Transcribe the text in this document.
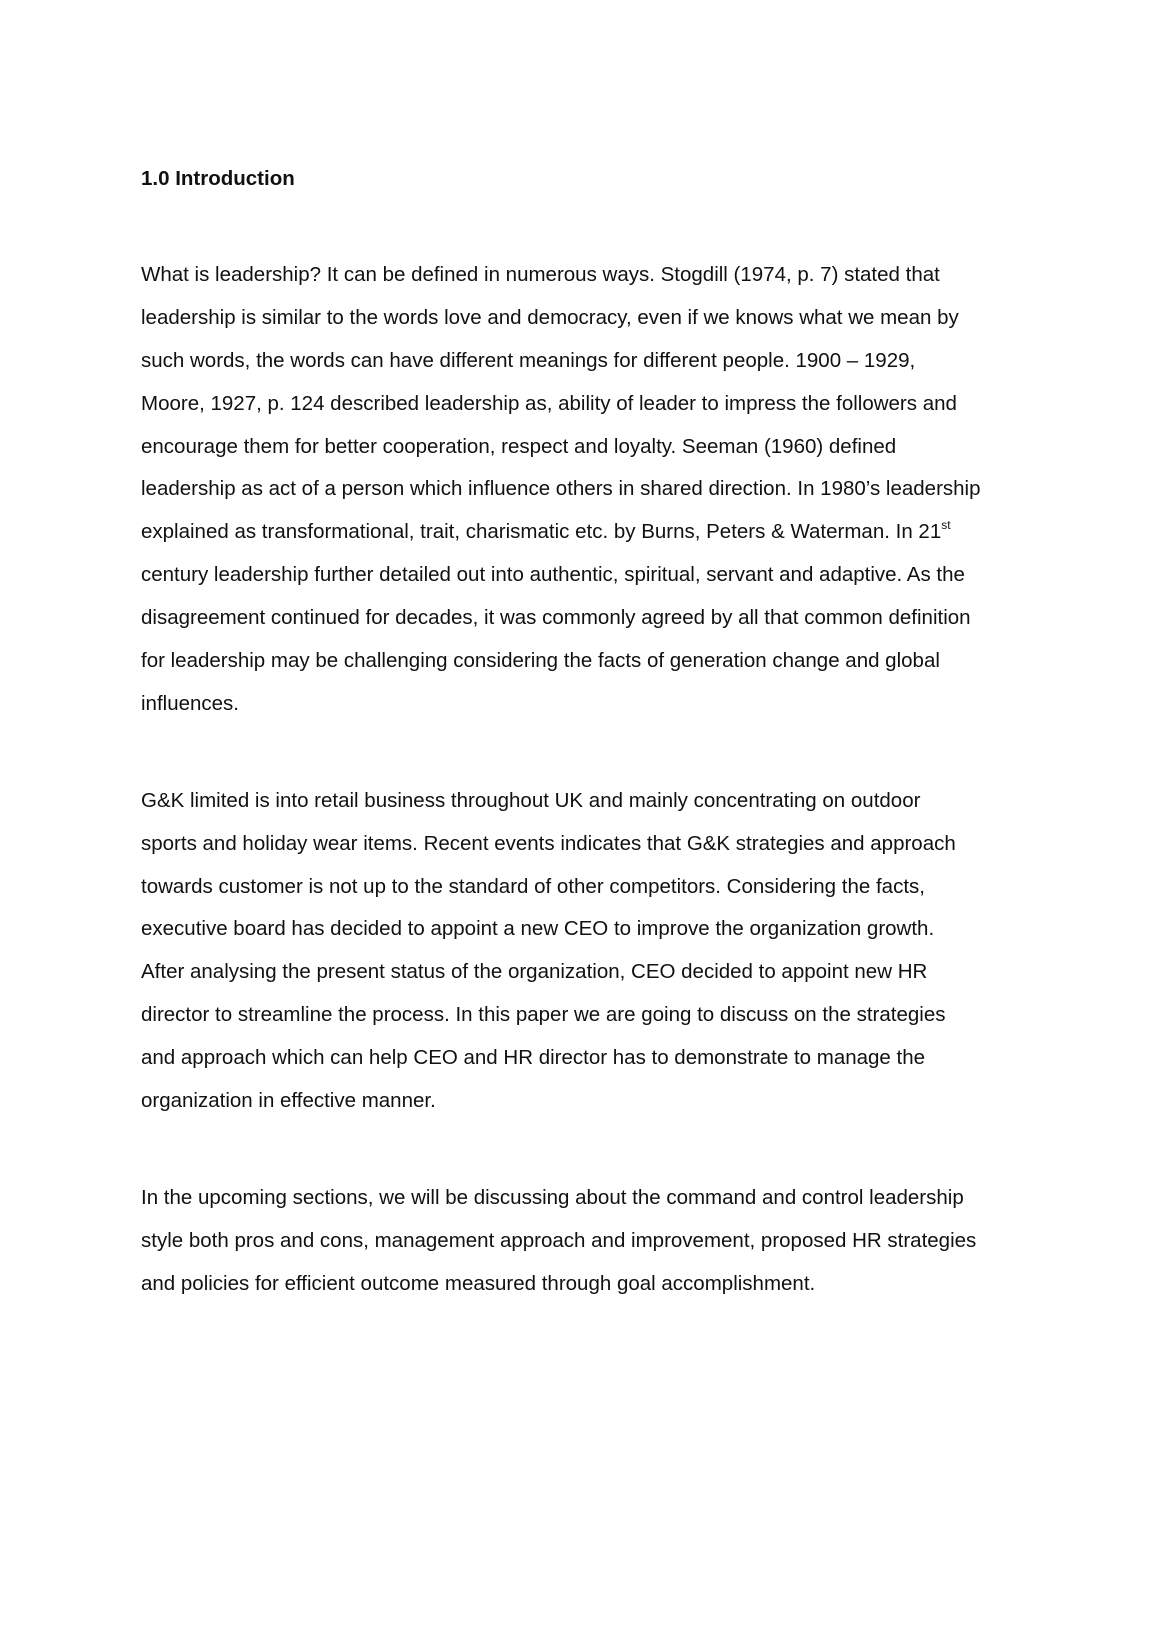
1.0 Introduction

What is leadership? It can be defined in numerous ways. Stogdill (1974, p. 7) stated that
leadership is similar to the words love and democracy, even if we knows what we mean by
such words, the words can have different meanings for different people. 1900 – 1929,
Moore, 1927, p. 124 described leadership as, ability of leader to impress the followers and
encourage them for better cooperation, respect and loyalty. Seeman (1960) defined
leadership as act of a person which influence others in shared direction. In 1980’s leadership
explained as transformational, trait, charismatic etc. by Burns, Peters & Waterman. In 21st
century leadership further detailed out into authentic, spiritual, servant and adaptive. As the
disagreement continued for decades, it was commonly agreed by all that common definition
for leadership may be challenging considering the facts of generation change and global
influences.

G&K limited is into retail business throughout UK and mainly concentrating on outdoor
sports and holiday wear items. Recent events indicates that G&K strategies and approach
towards customer is not up to the standard of other competitors. Considering the facts,
executive board has decided to appoint a new CEO to improve the organization growth.
After analysing the present status of the organization, CEO decided to appoint new HR
director to streamline the process. In this paper we are going to discuss on the strategies
and approach which can help CEO and HR director has to demonstrate to manage the
organization in effective manner.

In the upcoming sections, we will be discussing about the command and control leadership
style both pros and cons, management approach and improvement, proposed HR strategies
and policies for efficient outcome measured through goal accomplishment.
